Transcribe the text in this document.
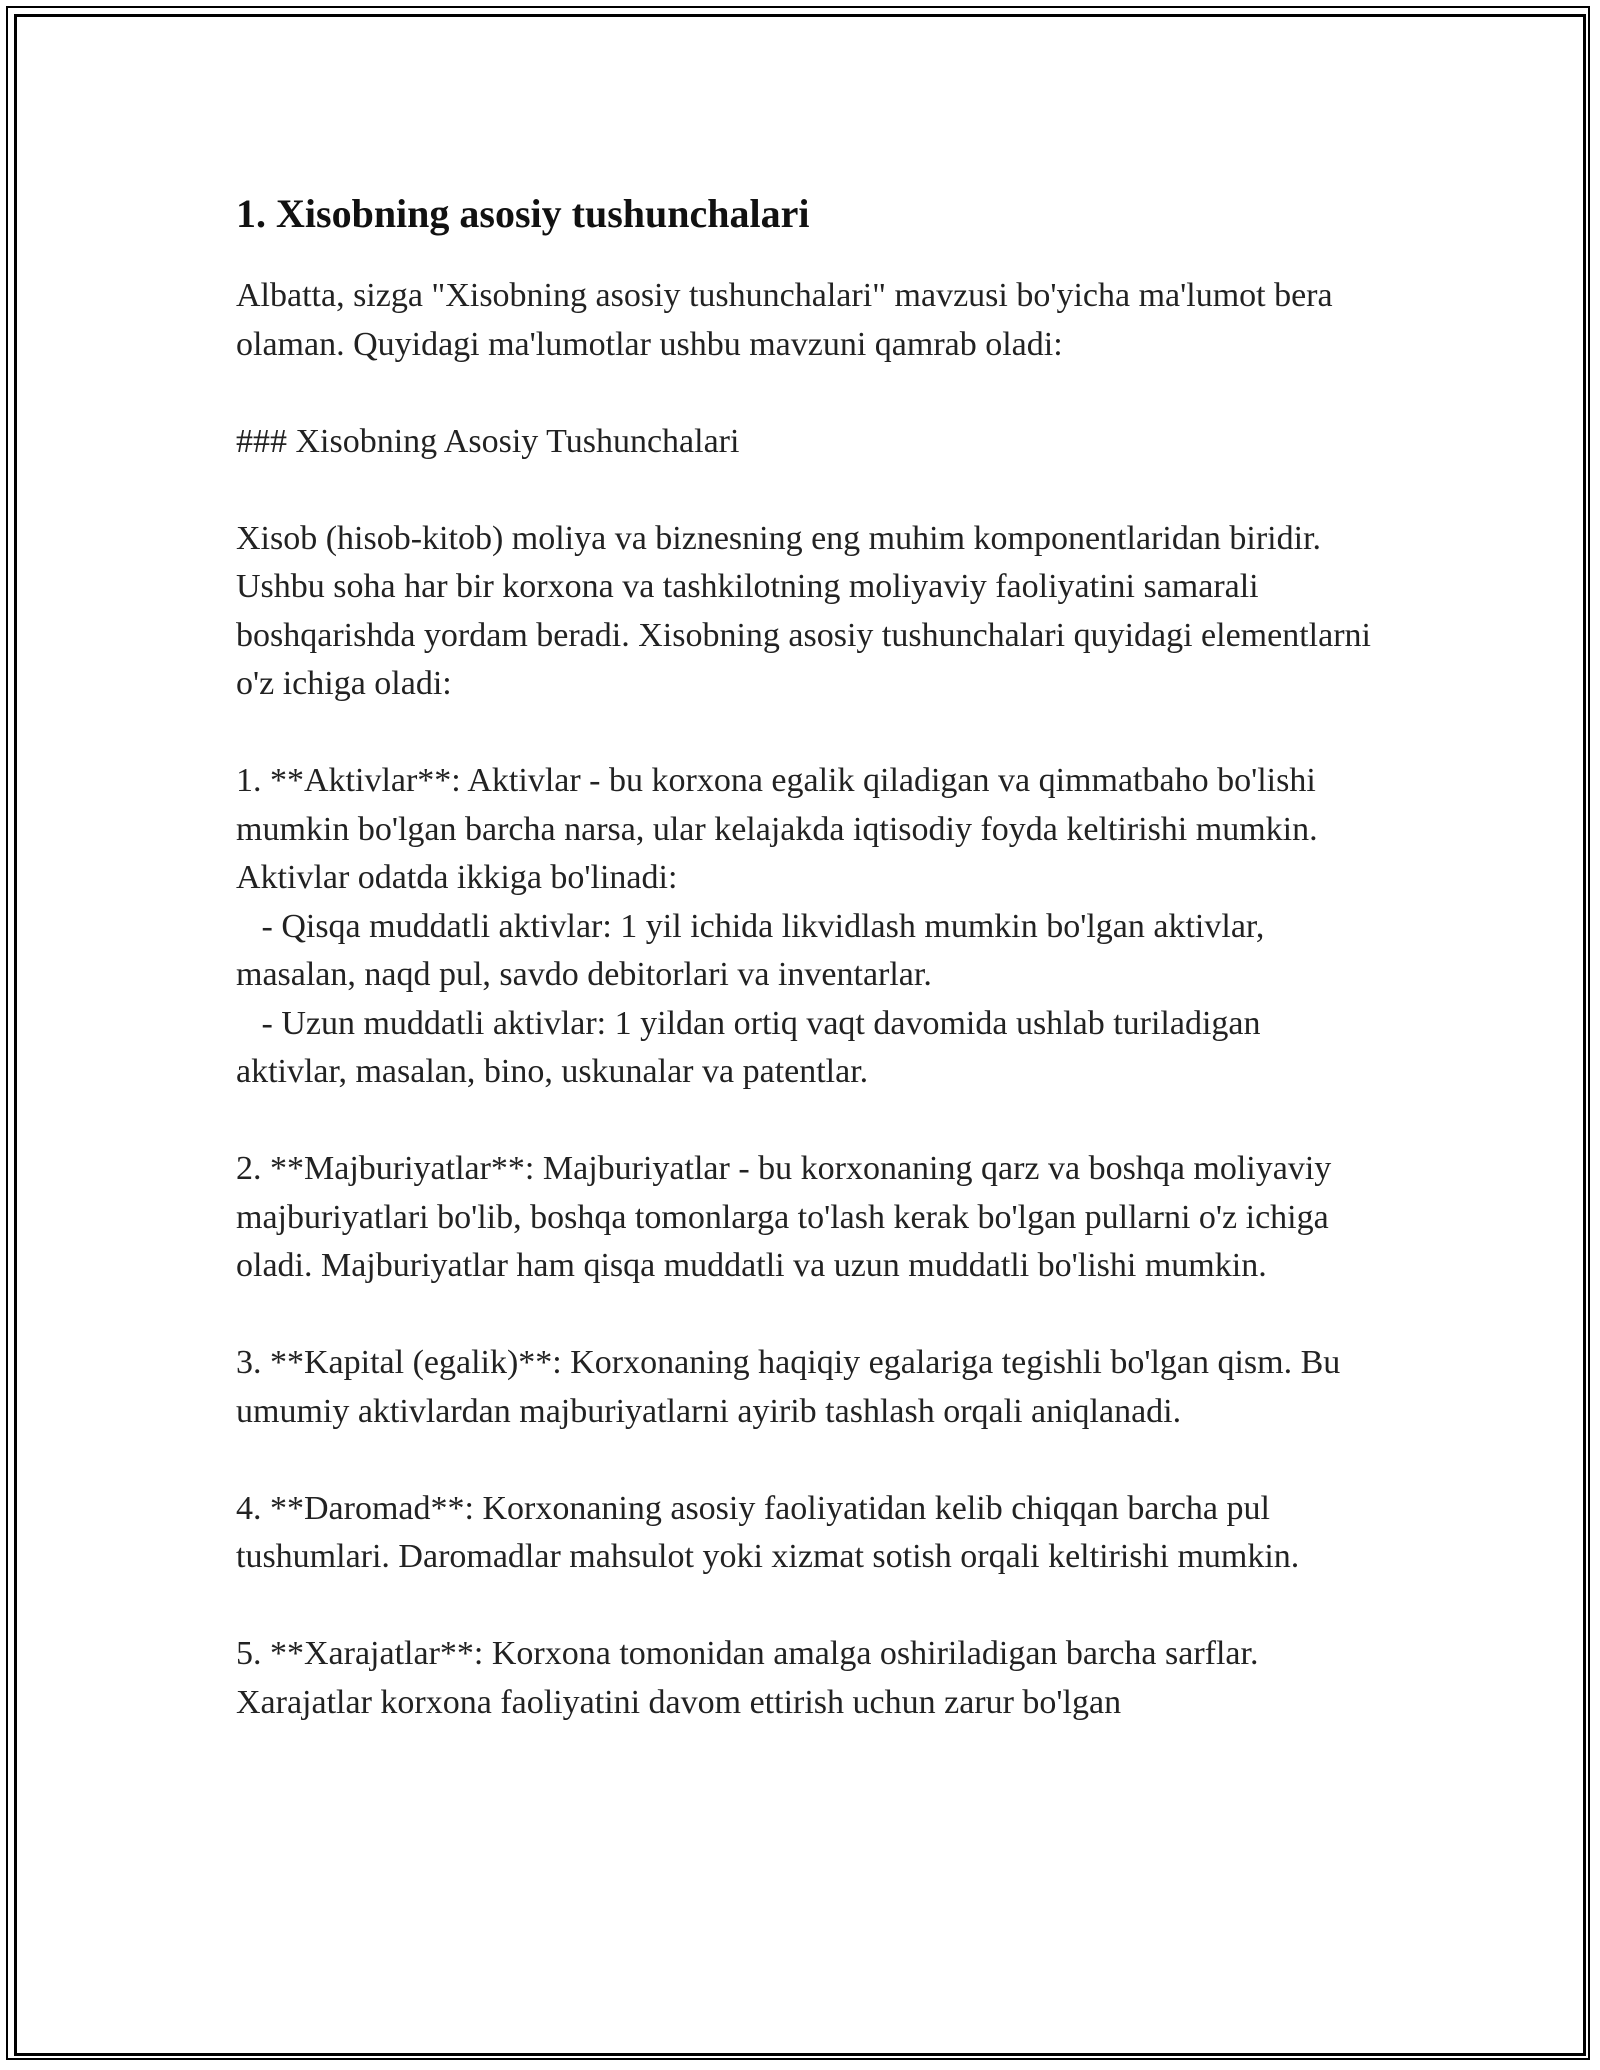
1. Xisobning asosiy tushunchalari

Albatta, sizga "Xisobning asosiy tushunchalari" mavzusi bo'yicha ma'lumot bera olaman. Quyidagi ma'lumotlar ushbu mavzuni qamrab oladi:

### Xisobning Asosiy Tushunchalari

Xisob (hisob-kitob) moliya va biznesning eng muhim komponentlaridan biridir. Ushbu soha har bir korxona va tashkilotning moliyaviy faoliyatini samarali boshqarishda yordam beradi. Xisobning asosiy tushunchalari quyidagi elementlarni o'z ichiga oladi:

1. **Aktivlar**: Aktivlar - bu korxona egalik qiladigan va qimmatbaho bo'lishi mumkin bo'lgan barcha narsa, ular kelajakda iqtisodiy foyda keltirishi mumkin. Aktivlar odatda ikkiga bo'linadi:
- Qisqa muddatli aktivlar: 1 yil ichida likvidlash mumkin bo'lgan aktivlar, masalan, naqd pul, savdo debitorlari va inventarlar.
- Uzun muddatli aktivlar: 1 yildan ortiq vaqt davomida ushlab turiladigan aktivlar, masalan, bino, uskunalar va patentlar.

2. **Majburiyatlar**: Majburiyatlar - bu korxonaning qarz va boshqa moliyaviy majburiyatlari bo'lib, boshqa tomonlarga to'lash kerak bo'lgan pullarni o'z ichiga oladi. Majburiyatlar ham qisqa muddatli va uzun muddatli bo'lishi mumkin.

3. **Kapital (egalik)**: Korxonaning haqiqiy egalariga tegishli bo'lgan qism. Bu umumiy aktivlardan majburiyatlarni ayirib tashlash orqali aniqlanadi.

4. **Daromad**: Korxonaning asosiy faoliyatidan kelib chiqqan barcha pul tushumlari. Daromadlar mahsulot yoki xizmat sotish orqali keltirishi mumkin.

5. **Xarajatlar**: Korxona tomonidan amalga oshiriladigan barcha sarflar. Xarajatlar korxona faoliyatini davom ettirish uchun zarur bo'lgan
